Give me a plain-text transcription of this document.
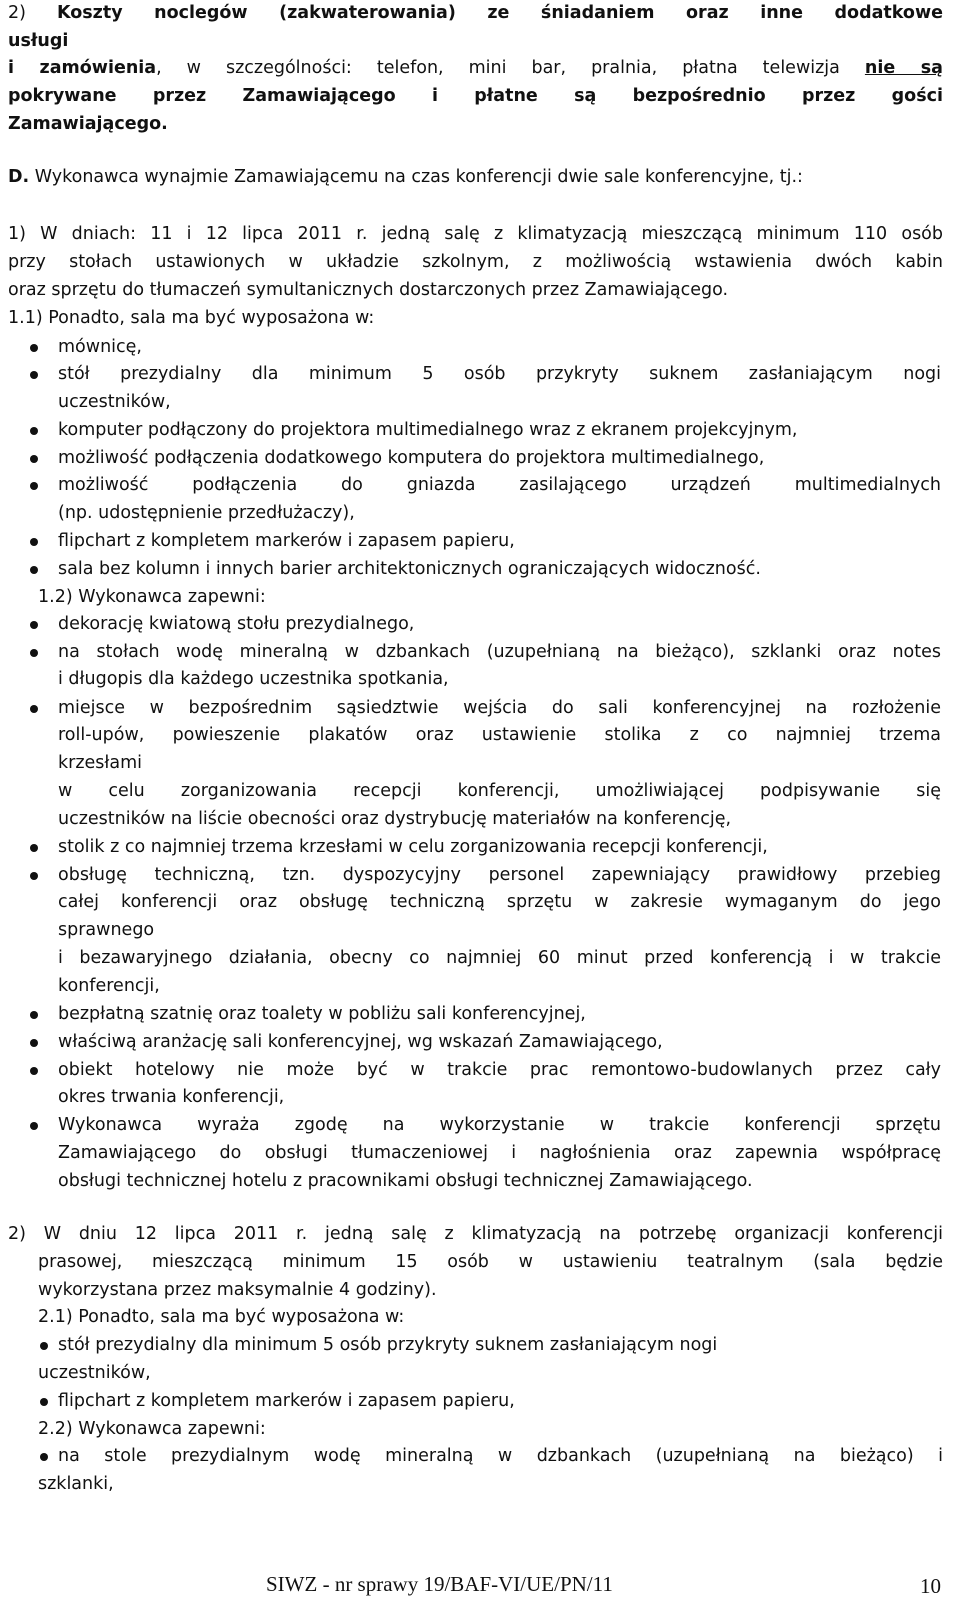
2) Koszty noclegów (zakwaterowania) ze śniadaniem oraz inne dodatkowe
usługi
i zamówienia, w szczególności: telefon, mini bar, pralnia, płatna telewizja nie są
pokrywane przez Zamawiającego i płatne są bezpośrednio przez gości
Zamawiającego.
D. Wykonawca wynajmie Zamawiającemu na czas konferencji dwie sale konferencyjne, tj.:
1) W dniach: 11 i 12 lipca 2011 r. jedną salę z klimatyzacją mieszczącą minimum 110 osób
przy stołach ustawionych w układzie szkolnym, z możliwością wstawienia dwóch kabin
oraz sprzętu do tłumaczeń symultanicznych dostarczonych przez Zamawiającego.
1.1) Ponadto, sala ma być wyposażona w:
mównicę,
stół prezydialny dla minimum 5 osób przykryty suknem zasłaniającym nogi
uczestników,
komputer podłączony do projektora multimedialnego wraz z ekranem projekcyjnym,
możliwość podłączenia dodatkowego komputera do projektora multimedialnego,
możliwość podłączenia do gniazda zasilającego urządzeń multimedialnych
(np. udostępnienie przedłużaczy),
flipchart z kompletem markerów i zapasem papieru,
sala bez kolumn i innych barier architektonicznych ograniczających widoczność.
1.2) Wykonawca zapewni:
dekorację kwiatową stołu prezydialnego,
na stołach wodę mineralną w dzbankach (uzupełnianą na bieżąco), szklanki oraz notes
i długopis dla każdego uczestnika spotkania,
miejsce w bezpośrednim sąsiedztwie wejścia do sali konferencyjnej na rozłożenie
roll-upów, powieszenie plakatów oraz ustawienie stolika z co najmniej trzema
krzesłami
w celu zorganizowania recepcji konferencji, umożliwiającej podpisywanie się
uczestników na liście obecności oraz dystrybucję materiałów na konferencję,
stolik z co najmniej trzema krzesłami w celu zorganizowania recepcji konferencji,
obsługę techniczną, tzn. dyspozycyjny personel zapewniający prawidłowy przebieg
całej konferencji oraz obsługę techniczną sprzętu w zakresie wymaganym do jego
sprawnego
i bezawaryjnego działania, obecny co najmniej 60 minut przed konferencją i w trakcie
konferencji,
bezpłatną szatnię oraz toalety w pobliżu sali konferencyjnej,
właściwą aranżację sali konferencyjnej, wg wskazań Zamawiającego,
obiekt hotelowy nie może być w trakcie prac remontowo-budowlanych przez cały
okres trwania konferencji,
Wykonawca wyraża zgodę na wykorzystanie w trakcie konferencji sprzętu
Zamawiającego do obsługi tłumaczeniowej i nagłośnienia oraz zapewnia współpracę
obsługi technicznej hotelu z pracownikami obsługi technicznej Zamawiającego.
2) W dniu 12 lipca 2011 r. jedną salę z klimatyzacją na potrzebę organizacji konferencji
prasowej, mieszczącą minimum 15 osób w ustawieniu teatralnym (sala będzie
wykorzystana przez maksymalnie 4 godziny).
2.1) Ponadto, sala ma być wyposażona w:
stół prezydialny dla minimum 5 osób przykryty suknem zasłaniającym nogi
uczestników,
flipchart z kompletem markerów i zapasem papieru,
2.2) Wykonawca zapewni:
na stole prezydialnym wodę mineralną w dzbankach (uzupełnianą na bieżąco) i
szklanki,
SIWZ - nr sprawy 19/BAF-VI/UE/PN/11	10
